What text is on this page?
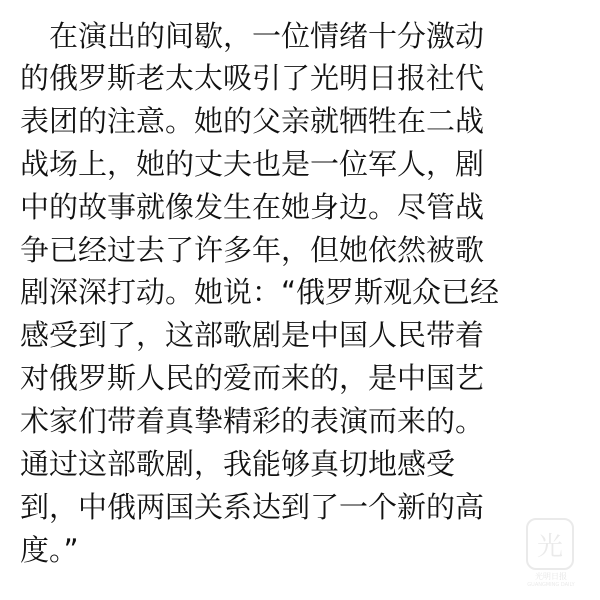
　在演出的间歇，一位情绪十分激动
的俄罗斯老太太吸引了光明日报社代
表团的注意。她的父亲就牺牲在二战
战场上，她的丈夫也是一位军人，剧
中的故事就像发生在她身边。尽管战
争已经过去了许多年，但她依然被歌
剧深深打动。她说：“俄罗斯观众已经
感受到了，这部歌剧是中国人民带着
对俄罗斯人民的爱而来的，是中国艺
术家们带着真挚精彩的表演而来的。
通过这部歌剧，我能够真切地感受
到，中俄两国关系达到了一个新的高
度。”	光
光明日报
GUANGMING DAILY
